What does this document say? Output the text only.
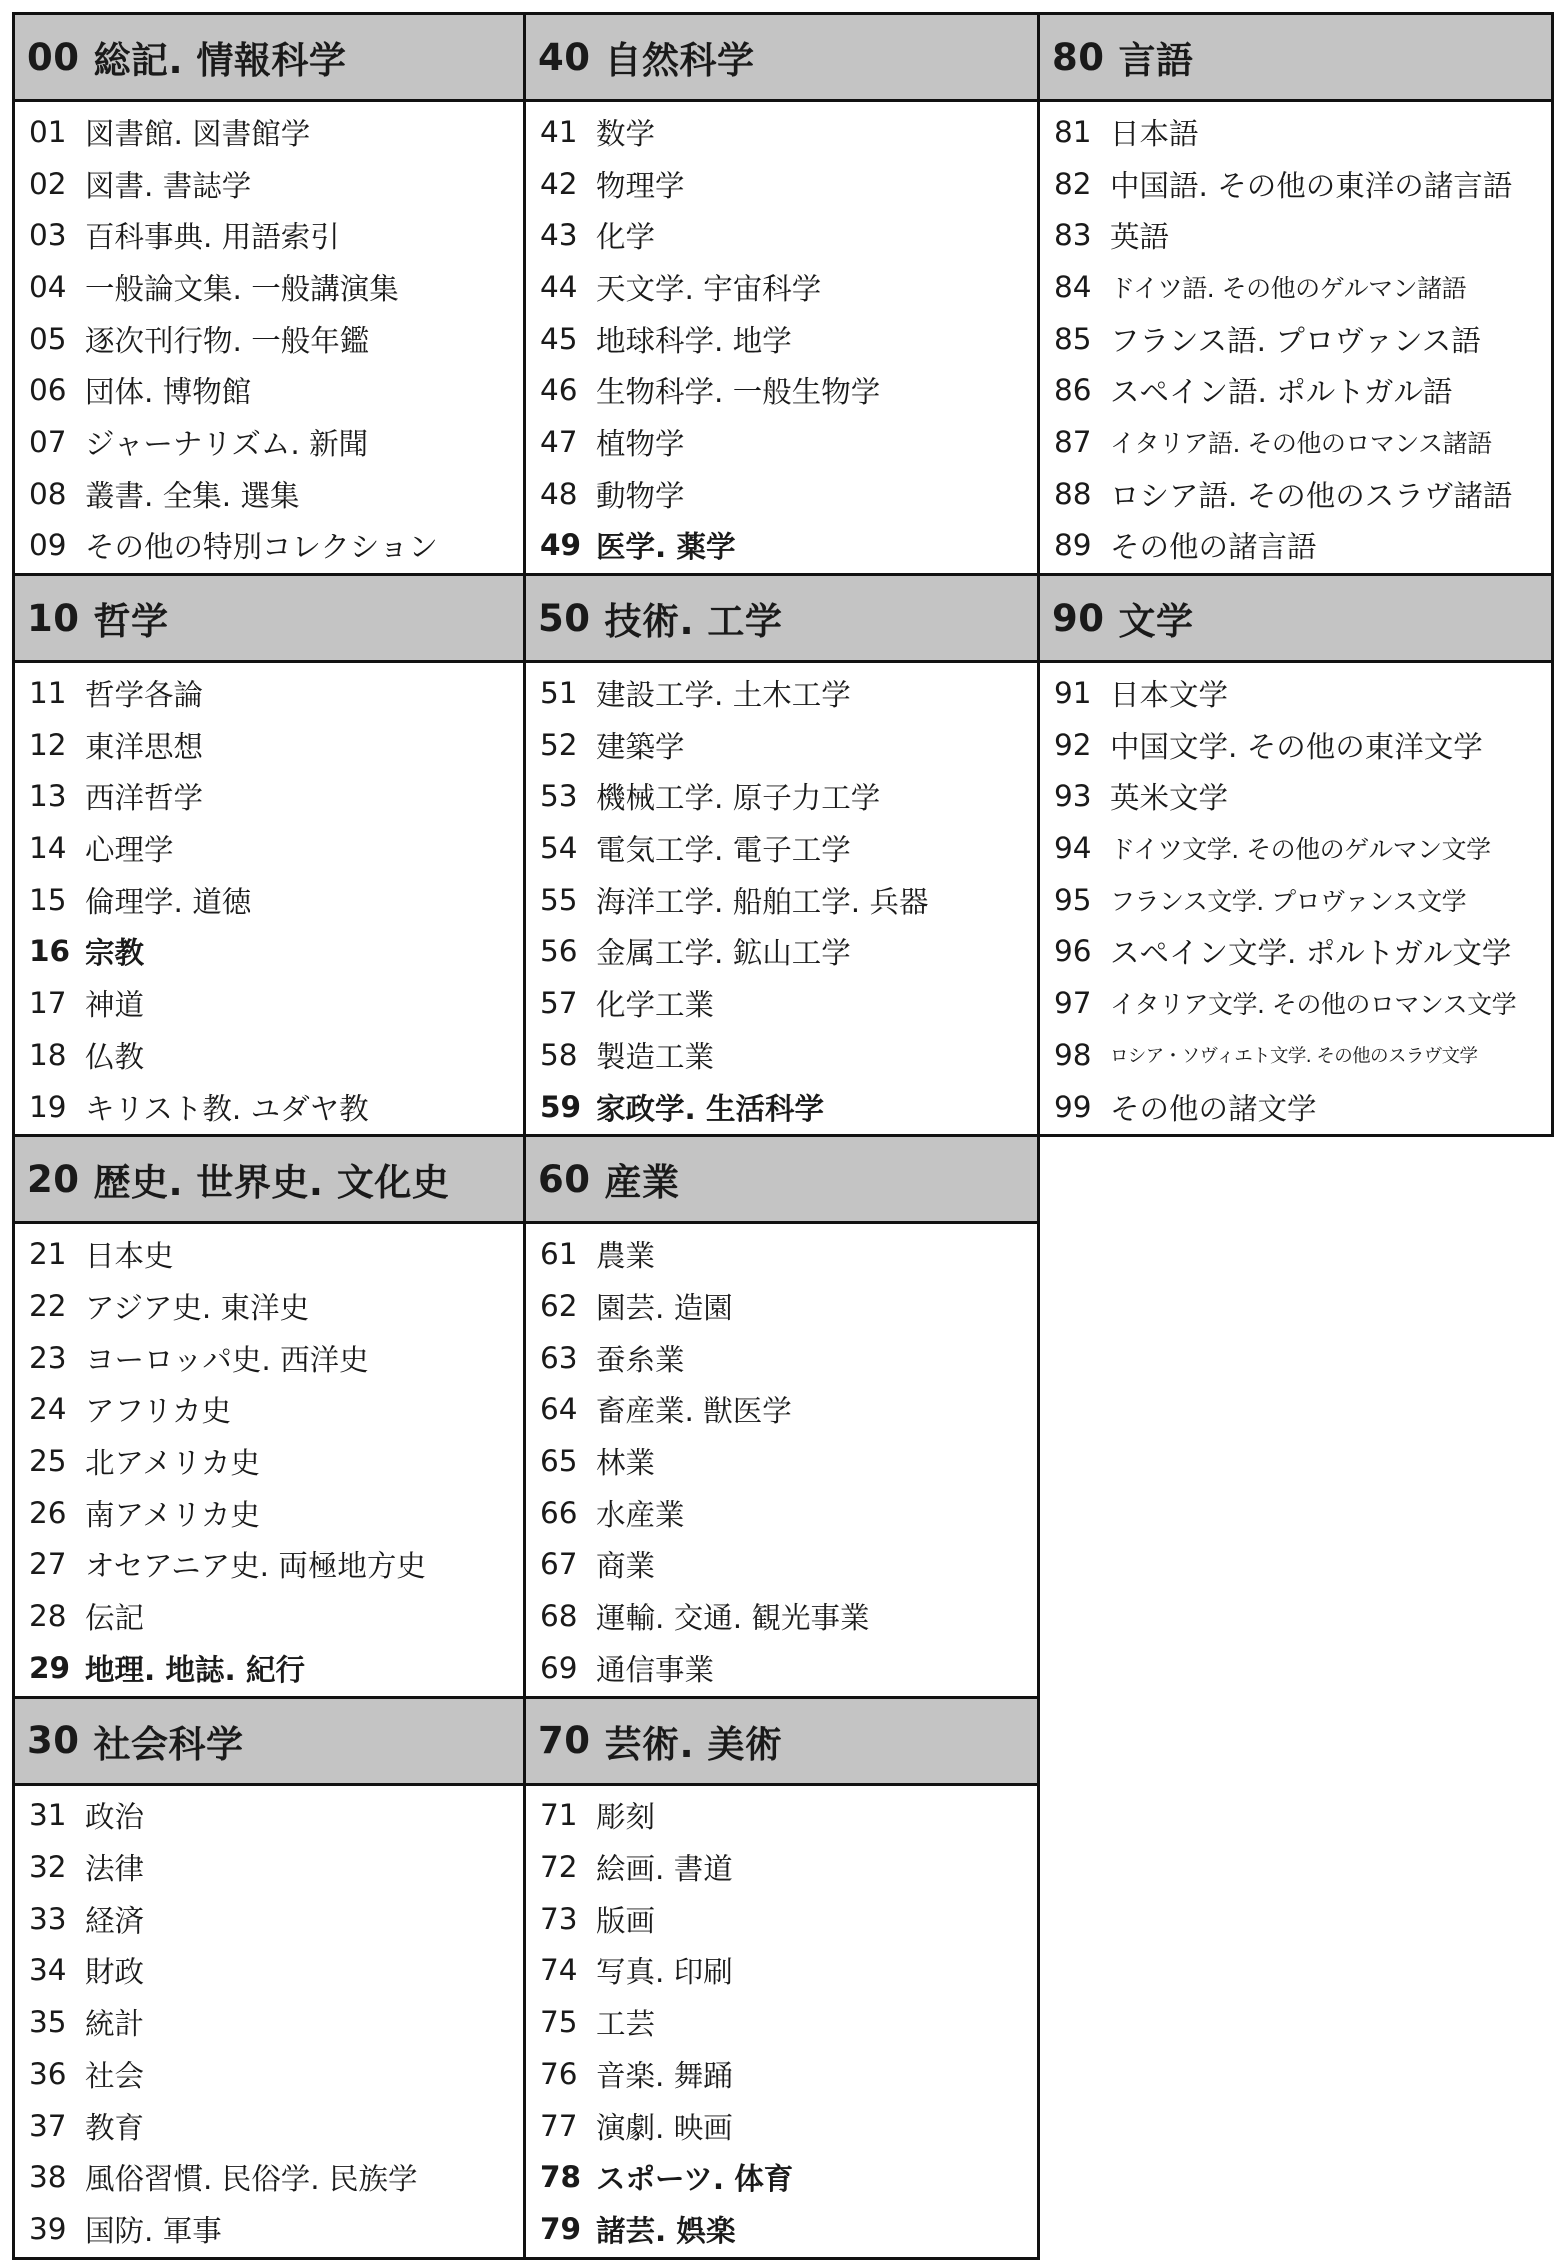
00 総記. 情報科学
01 図書館. 図書館学
02 図書. 書誌学
03 百科事典. 用語索引
04 一般論文集. 一般講演集
05 逐次刊行物. 一般年鑑
06 団体. 博物館
07 ジャーナリズム. 新聞
08 叢書. 全集. 選集
09 その他の特別コレクション
10 哲学
11 哲学各論
12 東洋思想
13 西洋哲学
14 心理学
15 倫理学. 道徳
16 宗教
17 神道
18 仏教
19 キリスト教. ユダヤ教
20 歴史. 世界史. 文化史
21 日本史
22 アジア史. 東洋史
23 ヨーロッパ史. 西洋史
24 アフリカ史
25 北アメリカ史
26 南アメリカ史
27 オセアニア史. 両極地方史
28 伝記
29 地理. 地誌. 紀行
30 社会科学
31 政治
32 法律
33 経済
34 財政
35 統計
36 社会
37 教育
38 風俗習慣. 民俗学. 民族学
39 国防. 軍事
40 自然科学
41 数学
42 物理学
43 化学
44 天文学. 宇宙科学
45 地球科学. 地学
46 生物科学. 一般生物学
47 植物学
48 動物学
49 医学. 薬学
50 技術. 工学
51 建設工学. 土木工学
52 建築学
53 機械工学. 原子力工学
54 電気工学. 電子工学
55 海洋工学. 船舶工学. 兵器
56 金属工学. 鉱山工学
57 化学工業
58 製造工業
59 家政学. 生活科学
60 産業
61 農業
62 園芸. 造園
63 蚕糸業
64 畜産業. 獣医学
65 林業
66 水産業
67 商業
68 運輸. 交通. 観光事業
69 通信事業
70 芸術. 美術
71 彫刻
72 絵画. 書道
73 版画
74 写真. 印刷
75 工芸
76 音楽. 舞踊
77 演劇. 映画
78 スポーツ. 体育
79 諸芸. 娯楽
80 言語
81 日本語
82 中国語. その他の東洋の諸言語
83 英語
84 ドイツ語. その他のゲルマン諸語
85 フランス語. プロヴァンス語
86 スペイン語. ポルトガル語
87 イタリア語. その他のロマンス諸語
88 ロシア語. その他のスラヴ諸語
89 その他の諸言語
90 文学
91 日本文学
92 中国文学. その他の東洋文学
93 英米文学
94 ドイツ文学. その他のゲルマン文学
95 フランス文学. プロヴァンス文学
96 スペイン文学. ポルトガル文学
97 イタリア文学. その他のロマンス文学
98 ロシア・ソヴィエト文学. その他のスラヴ文学
99 その他の諸文学
